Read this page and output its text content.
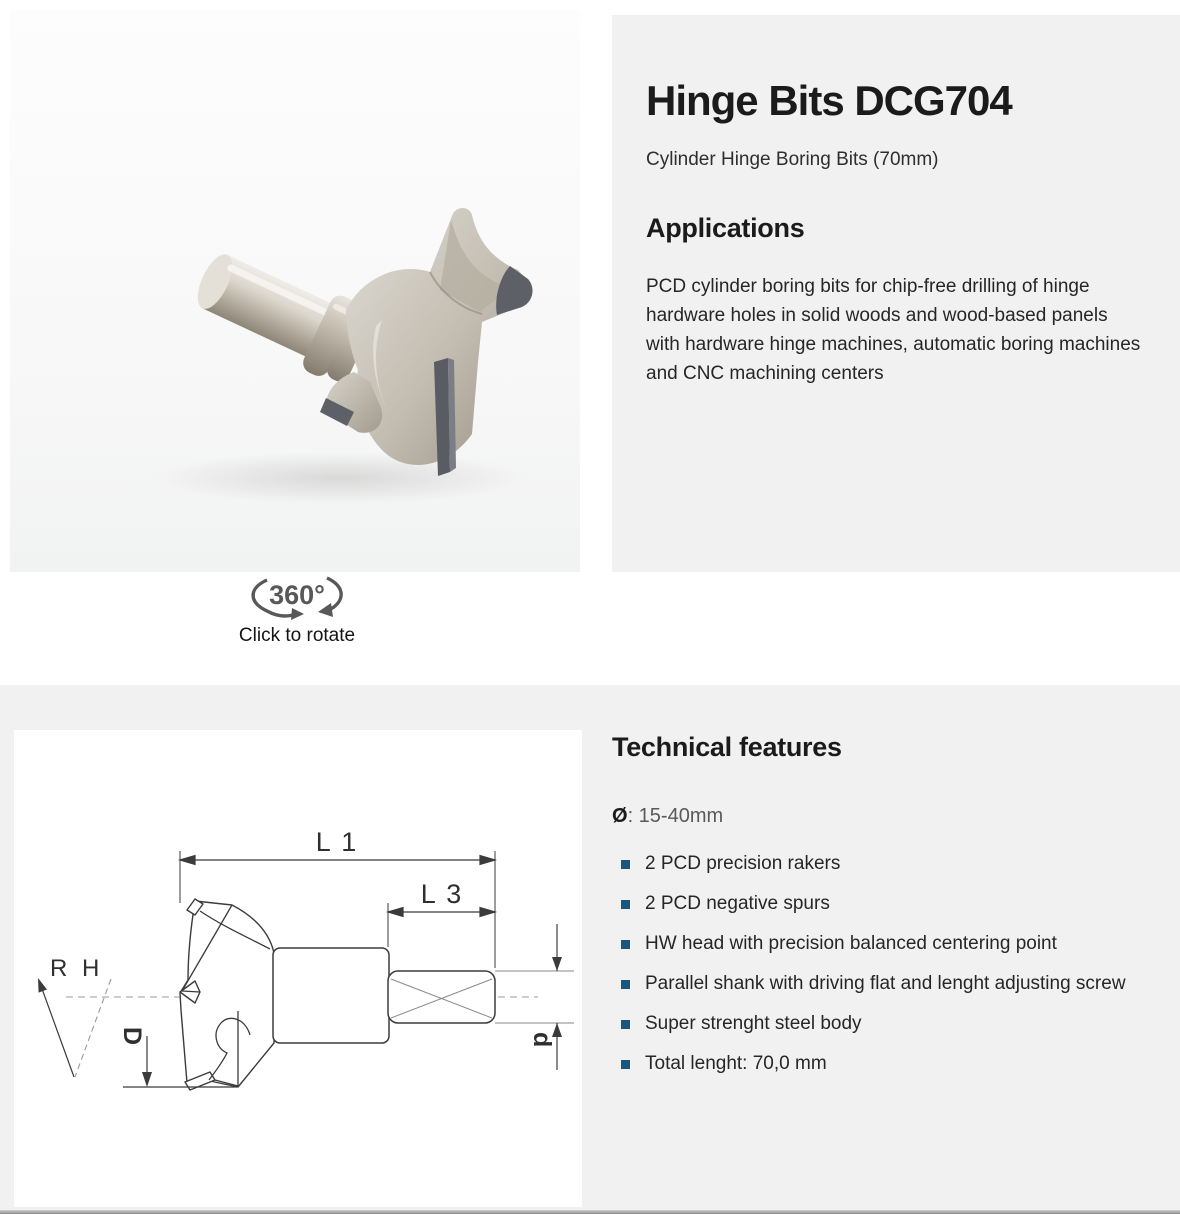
360°
Click to rotate
Hinge Bits DCG704
Cylinder Hinge Boring Bits (70mm)
Applications
PCD cylinder boring bits for chip-free drilling of hinge
hardware holes in solid woods and wood-based panels
with hardware hinge machines, automatic boring machines
and CNC machining centers
L 1
L 3
D	d
R H
Technical features
Ø: 15-40mm
2 PCD precision rakers
2 PCD negative spurs
HW head with precision balanced centering point
Parallel shank with driving flat and lenght adjusting screw
Super strenght steel body
Total lenght: 70,0 mm
